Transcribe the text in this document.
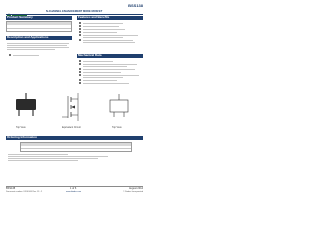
BSS138
N-CHANNEL ENHANCEMENT MODE MOSFET
Product Summary	Features and Benefits
Description and Applications
Mechanical Data
Top View	Equivalent Circuit	Top View
Ordering Information
BSS138
Document number: DS30144 Rev. 13 - 2
1 of 6
www.diodes.com
August 2014
© Diodes Incorporated
